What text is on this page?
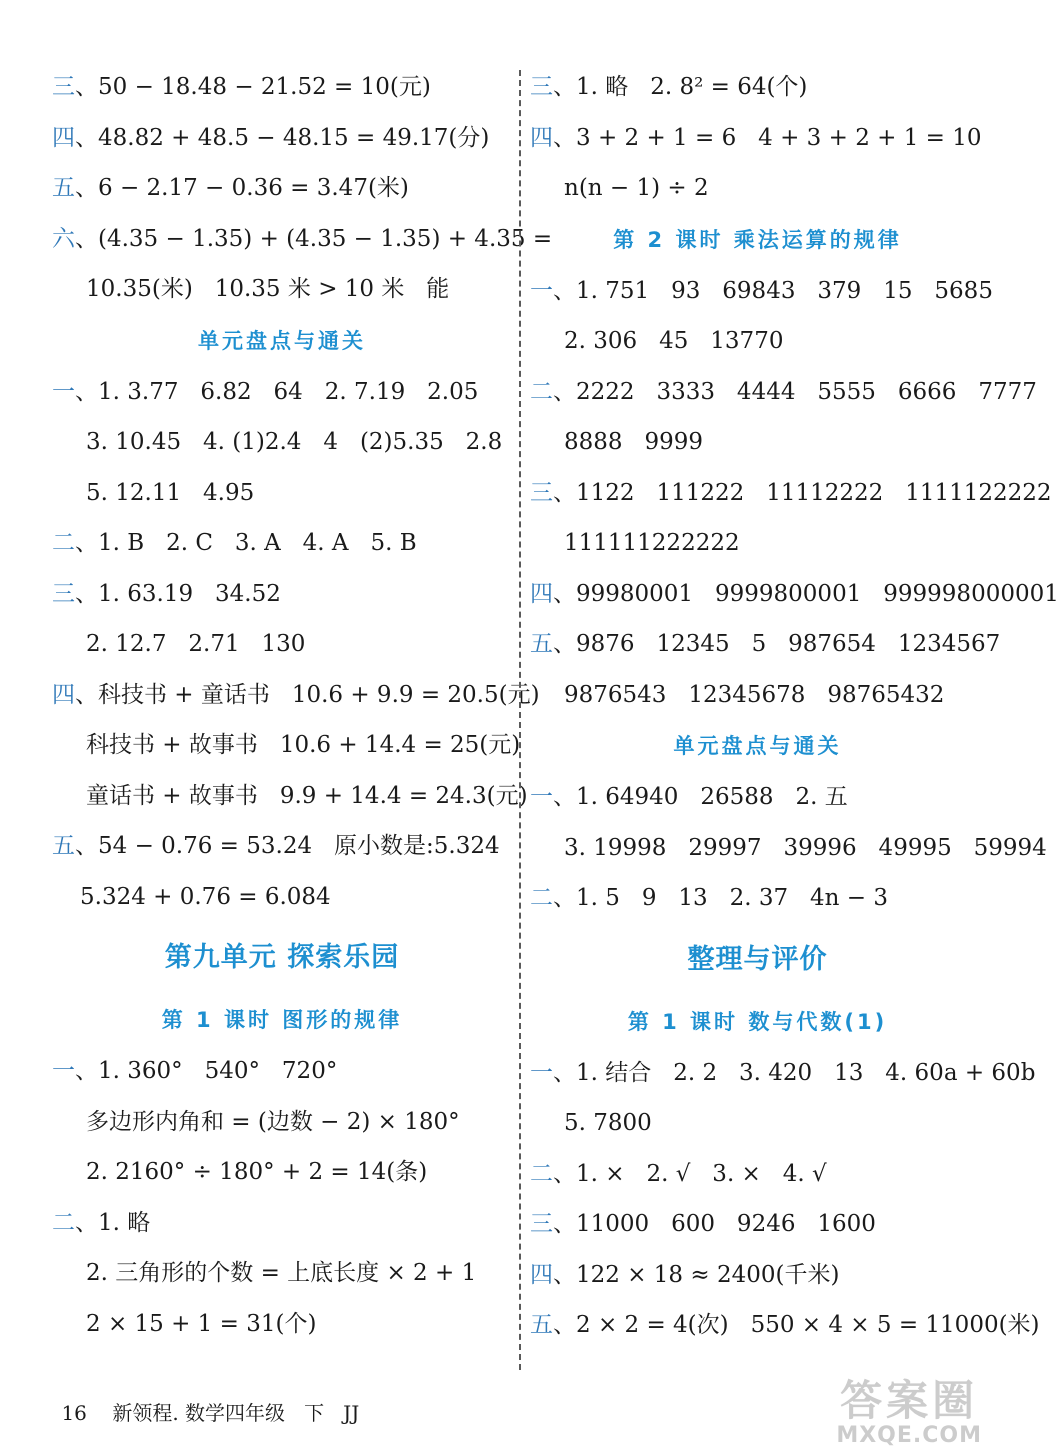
三、50 − 18.48 − 21.52 = 10(元)
四、48.82 + 48.5 − 48.15 = 49.17(分)
五、6 − 2.17 − 0.36 = 3.47(米)
六、(4.35 − 1.35) + (4.35 − 1.35) + 4.35 =
10.35(米)   10.35 米 > 10 米   能
单元盘点与通关
一、1. 3.77   6.82   64   2. 7.19   2.05
3. 10.45   4. (1)2.4   4   (2)5.35   2.8
5. 12.11   4.95
二、1. B   2. C   3. A   4. A   5. B
三、1. 63.19   34.52
2. 12.7   2.71   130
四、科技书 + 童话书   10.6 + 9.9 = 20.5(元)
科技书 + 故事书   10.6 + 14.4 = 25(元)
童话书 + 故事书   9.9 + 14.4 = 24.3(元)
五、54 − 0.76 = 53.24   原小数是:5.324
5.324 + 0.76 = 6.084
第九单元 探索乐园
第 1 课时 图形的规律
一、1. 360°   540°   720°
多边形内角和 = (边数 − 2) × 180°
2. 2160° ÷ 180° + 2 = 14(条)
二、1. 略
2. 三角形的个数 = 上底长度 × 2 + 1
2 × 15 + 1 = 31(个)
三、1. 略   2. 8² = 64(个)
四、3 + 2 + 1 = 6   4 + 3 + 2 + 1 = 10
n(n − 1) ÷ 2
第 2 课时 乘法运算的规律
一、1. 751   93   69843   379   15   5685
2. 306   45   13770
二、2222   3333   4444   5555   6666   7777
8888   9999
三、1122   111222   11112222   1111122222
111111222222
四、99980001   9999800001   999998000001
五、9876   12345   5   987654   1234567
9876543   12345678   98765432
单元盘点与通关
一、1. 64940   26588   2. 五
3. 19998   29997   39996   49995   59994
二、1. 5   9   13   2. 37   4n − 3
整理与评价
第 1 课时 数与代数(1)
一、1. 结合   2. 2   3. 420   13   4. 60a + 60b
5. 7800
二、1. ×   2. √   3. ×   4. √
三、11000   600   9246   1600
四、122 × 18 ≈ 2400(千米)
五、2 × 2 = 4(次)   550 × 4 × 5 = 11000(米)

16 新领程. 数学四年级   下   JJ
	答案圈
MXQE.COM
